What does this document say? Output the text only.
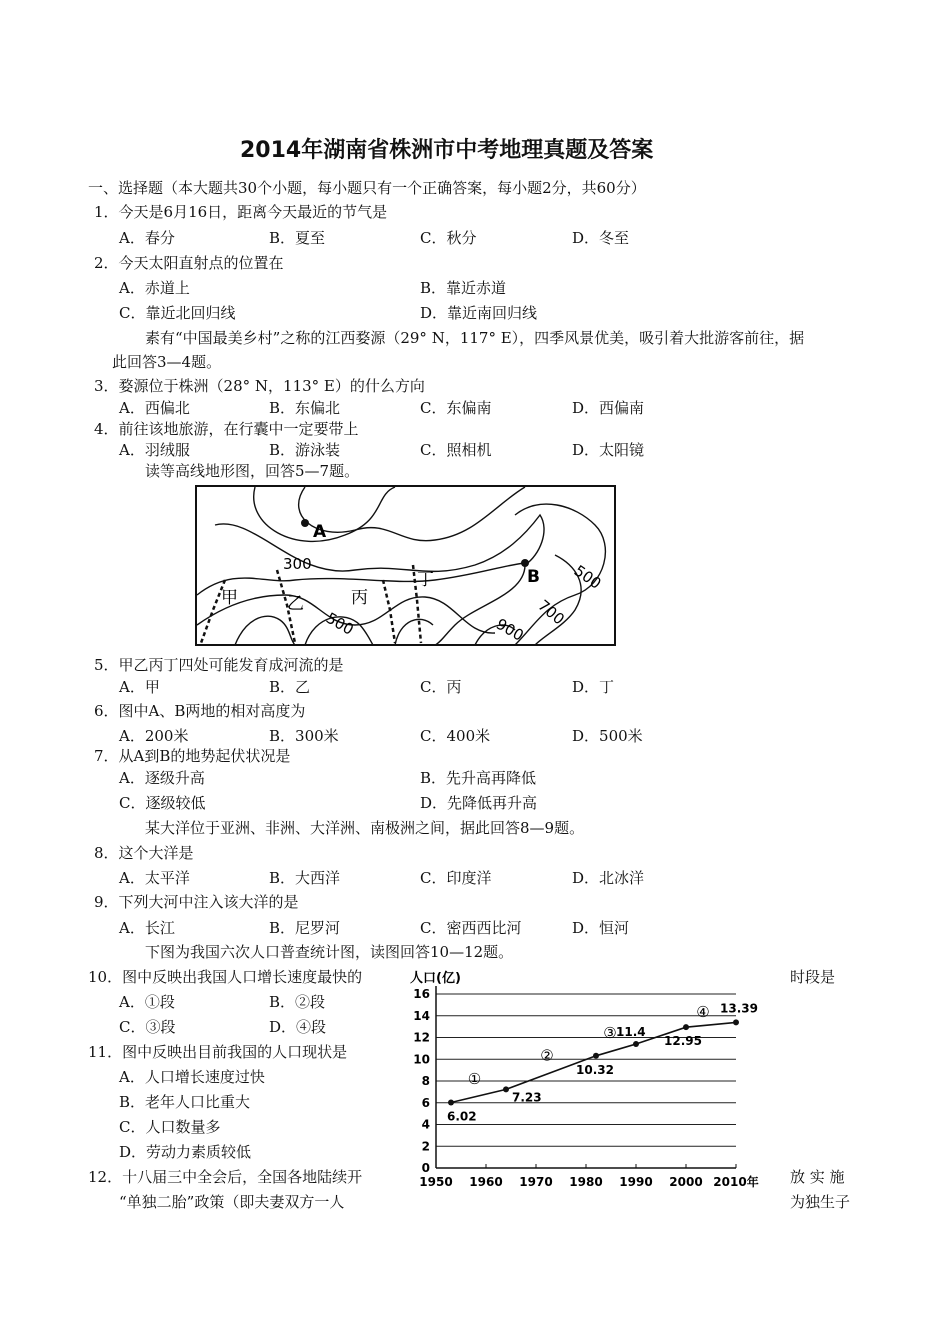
2014年湖南省株洲市中考地理真题及答案
一、选择题（本大题共30个小题，每小题只有一个正确答案，每小题2分，共60分）
1．今天是6月16日，距离今天最近的节气是
A．春分	B．夏至	C．秋分	D．冬至
2．今天太阳直射点的位置在
A．赤道上	B．靠近赤道
C．靠近北回归线	D．靠近南回归线
素有“中国最美乡村”之称的江西婺源（29° N，117° E），四季风景优美，吸引着大批游客前往，据
此回答3—4题。
3．婺源位于株洲（28° N，113° E）的什么方向
A．西偏北	B．东偏北	C．东偏南	D．西偏南
4．前往该地旅游，在行囊中一定要带上
A．羽绒服	B．游泳装	C．照相机	D．太阳镜
读等高线地形图，回答5—7题。
A
B
300
500
500
700
900
甲	乙	丙
丁
5．甲乙丙丁四处可能发育成河流的是
A．甲	B．乙	C．丙	D．丁
6．图中A、B两地的相对高度为
A．200米	B．300米	C．400米	D．500米
7．从A到B的地势起伏状况是
A．逐级升高	B．先升高再降低
C．逐级较低	D．先降低再升高
某大洋位于亚洲、非洲、大洋洲、南极洲之间，据此回答8—9题。
8．这个大洋是
A．太平洋	B．大西洋	C．印度洋	D．北冰洋
9．下列大河中注入该大洋的是
A．长江	B．尼罗河	C．密西西比河	D．恒河
下图为我国六次人口普查统计图，读图回答10—12题。
10．图中反映出我国人口增长速度最快的	时段是
A．①段	B．②段
C．③段	D．④段
11．图中反映出目前我国的人口现状是
A．人口增长速度过快
B．老年人口比重大
C．人口数量多
D．劳动力素质较低
12．十八届三中全会后，全国各地陆续开	放 实 施
“单独二胎”政策（即夫妻双方一人	为独生子
0
2
4
6
8
10
12
14
16
1950 1960 1970 1980 1990 2000 2010年
6.02
7.23
10.32
11.4
12.95
13.39
①
②
③
④
人口(亿)
